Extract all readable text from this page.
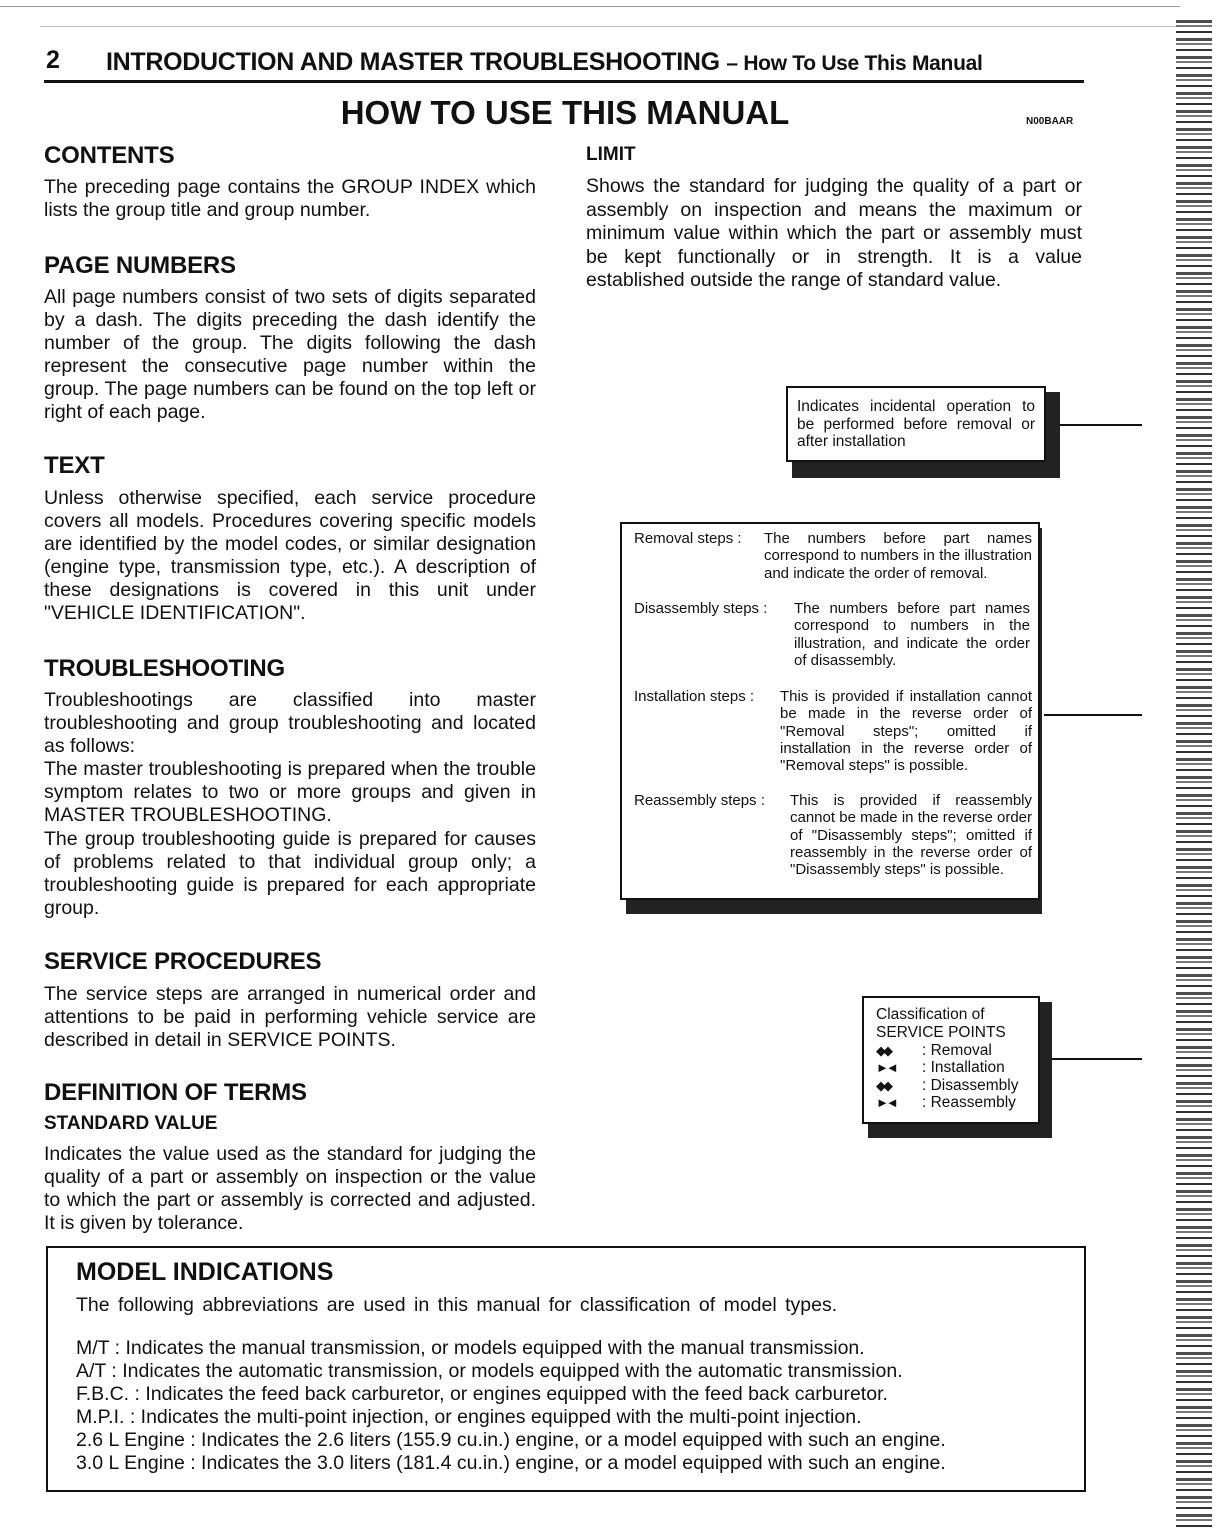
2 INTRODUCTION AND MASTER TROUBLESHOOTING – How To Use This Manual
HOW TO USE THIS MANUAL	N00BAAR
CONTENTS

The preceding page contains the GROUP INDEX which lists the group title and group number.

PAGE NUMBERS

All page numbers consist of two sets of digits separated by a dash. The digits preceding the dash identify the number of the group. The digits following the dash represent the consecutive page number within the group. The page numbers can be found on the top left or right of each page.

TEXT

Unless otherwise specified, each service procedure covers all models. Procedures covering specific models are identified by the model codes, or similar designation (engine type, transmission type, etc.). A description of these designations is covered in this unit under "VEHICLE IDENTIFICATION".

TROUBLESHOOTING

Troubleshootings are classified into master troubleshooting and group troubleshooting and located as follows:

The master troubleshooting is prepared when the trouble symptom relates to two or more groups and given in MASTER TROUBLESHOOTING.

The group troubleshooting guide is prepared for causes of problems related to that individual group only; a troubleshooting guide is prepared for each appropriate group.

SERVICE PROCEDURES

The service steps are arranged in numerical order and attentions to be paid in performing vehicle service are described in detail in SERVICE POINTS.

DEFINITION OF TERMS
STANDARD VALUE

Indicates the value used as the standard for judging the quality of a part or assembly on inspection or the value to which the part or assembly is corrected and adjusted. It is given by tolerance.

LIMIT

Shows the standard for judging the quality of a part or assembly on inspection and means the maximum or minimum value within which the part or assembly must be kept functionally or in strength. It is a value established outside the range of standard value.

Indicates incidental operation to be performed before removal or after installation
Removal steps :	The numbers before part names correspond to numbers in the illustration and indicate the order of removal.
Disassembly steps :	The numbers before part names correspond to numbers in the illustration, and indicate the order of disassembly.
Installation steps :	This is provided if installation cannot be made in the reverse order of "Removal steps"; omitted if installation in the reverse order of "Removal steps" is possible.
Reassembly steps :	This is provided if reassembly cannot be made in the reverse order of "Disassembly steps"; omitted if reassembly in the reverse order of "Disassembly steps" is possible.
Classification of
SERVICE POINTS
◆◆	: Removal
►◄	: Installation
◆◆	: Disassembly
►◄	: Reassembly
MODEL INDICATIONS
The following abbreviations are used in this manual for classification of model types.
M/T : Indicates the manual transmission, or models equipped with the manual transmission.
A/T : Indicates the automatic transmission, or models equipped with the automatic transmission.
F.B.C. : Indicates the feed back carburetor, or engines equipped with the feed back carburetor.
M.P.I. : Indicates the multi-point injection, or engines equipped with the multi-point injection.
2.6 L Engine : Indicates the 2.6 liters (155.9 cu.in.) engine, or a model equipped with such an engine.
3.0 L Engine : Indicates the 3.0 liters (181.4 cu.in.) engine, or a model equipped with such an engine.
